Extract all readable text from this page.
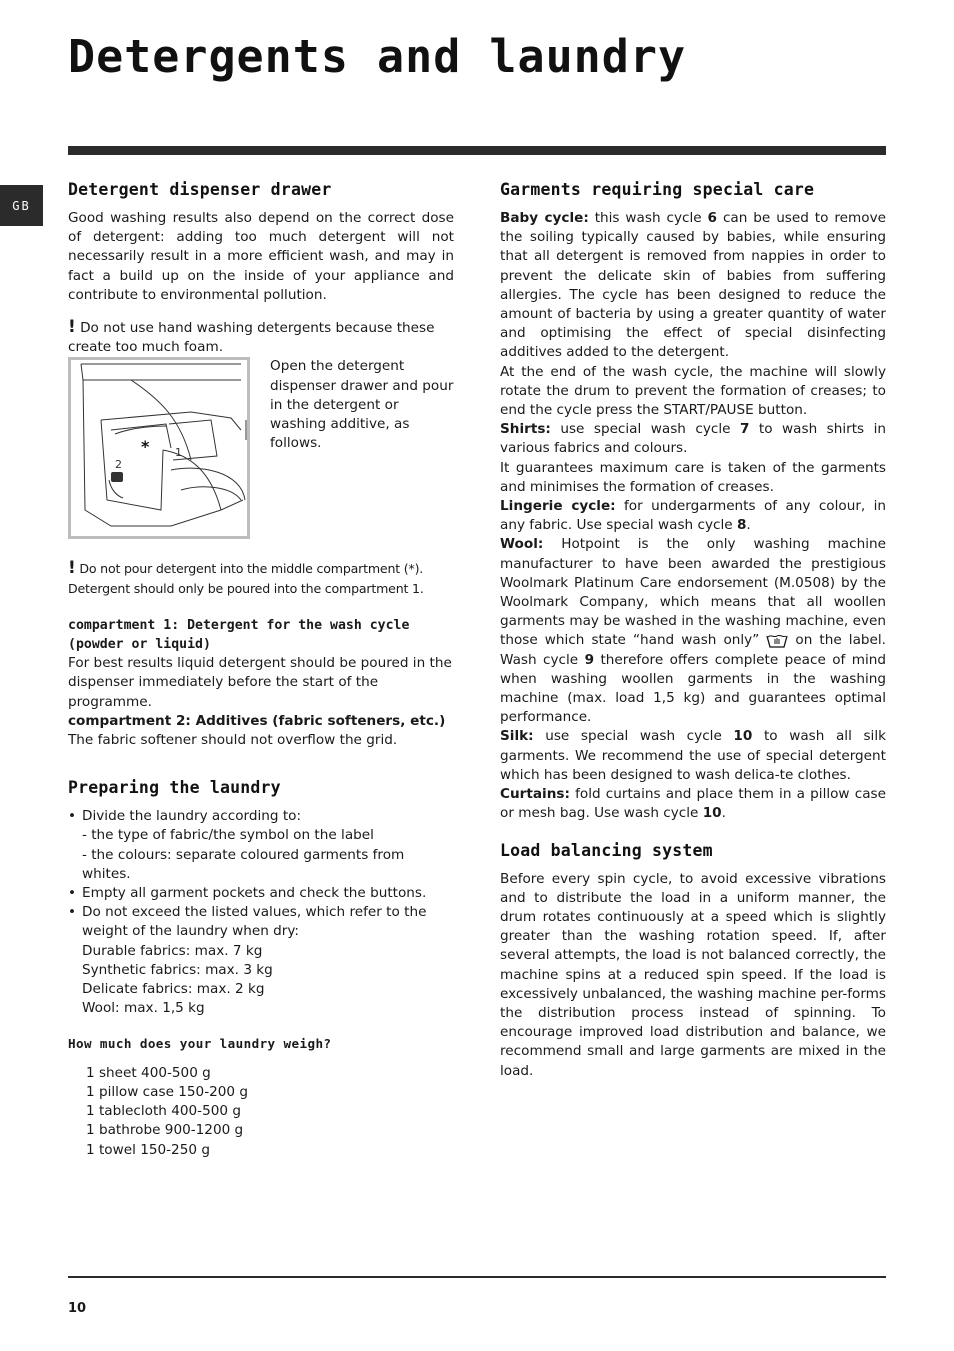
Detergents and laundry
GB
Detergent dispenser drawer

Good washing results also depend on the correct dose of detergent: adding too much detergent will not necessarily result in a more efficient wash, and may in fact a build up on the inside of your appliance and contribute to environmental pollution.

! Do not use hand washing detergents because these create too much foam.

* 1
2

Open the detergent dispenser drawer and pour in the detergent or washing additive, as follows.

! Do not pour detergent into the middle compartment (*). Detergent should only be poured into the compartment 1.

compartment 1: Detergent for the wash cycle (powder or liquid)

For best results liquid detergent should be poured in the dispenser immediately before the start of the programme.

compartment 2: Additives (fabric softeners, etc.)

The fabric softener should not overflow the grid.

Preparing the laundry
• Divide the laundry according to:
- the type of fabric/the symbol on the label
- the colours: separate coloured garments from whites.
• Empty all garment pockets and check the buttons.
• Do not exceed the listed values, which refer to the weight of the laundry when dry:
Durable fabrics: max. 7 kg
Synthetic fabrics: max. 3 kg
Delicate fabrics: max. 2 kg
Wool: max. 1,5 kg

How much does your laundry weigh?

1 sheet 400-500 g

1 pillow case 150-200 g

1 tablecloth 400-500 g

1 bathrobe 900-1200 g

1 towel 150-250 g

Garments requiring special care

Baby cycle: this wash cycle 6 can be used to remove the soiling typically caused by babies, while ensuring that all detergent is removed from nappies in order to prevent the delicate skin of babies from suffering allergies. The cycle has been designed to reduce the amount of bacteria by using a greater quantity of water and optimising the effect of special disinfecting additives added to the detergent.

At the end of the wash cycle, the machine will slowly rotate the drum to prevent the formation of creases; to end the cycle press the START/PAUSE button.

Shirts: use special wash cycle 7 to wash shirts in various fabrics and colours.

It guarantees maximum care is taken of the garments and minimises the formation of creases.

Lingerie cycle: for undergarments of any colour, in any fabric. Use special wash cycle 8.

Wool: Hotpoint is the only washing machine manufacturer to have been awarded the prestigious Woolmark Platinum Care endorsement (M.0508) by the Woolmark Company, which means that all woollen garments may be washed in the washing machine, even those which state “hand wash only”  on the label. Wash cycle 9 therefore offers complete peace of mind when washing woollen garments in the washing machine (max. load 1,5 kg) and guarantees optimal performance.

Silk: use special wash cycle 10 to wash all silk garments. We recommend the use of special detergent which has been designed to wash delica-te clothes.

Curtains: fold curtains and place them in a pillow case or mesh bag. Use wash cycle 10.

Load balancing system

Before every spin cycle, to avoid excessive vibrations and to distribute the load in a uniform manner, the drum rotates continuously at a speed which is slightly greater than the washing rotation speed. If, after several attempts, the load is not balanced correctly, the machine spins at a reduced spin speed. If the load is excessively unbalanced, the washing machine per-forms the distribution process instead of spinning. To encourage improved load distribution and balance, we recommend small and large garments are mixed in the load.

10
